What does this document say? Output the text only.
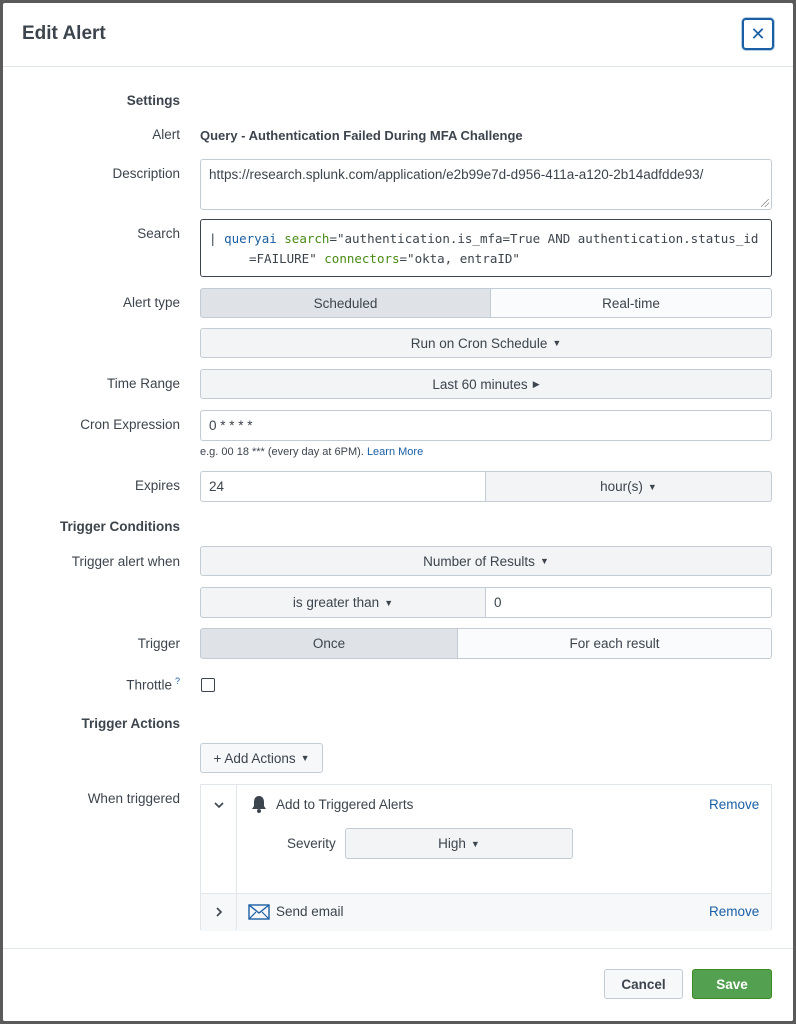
Edit Alert	✕
Settings
Alert Query - Authentication Failed During MFA Challenge
Description	https://research.splunk.com/application/e2b99e7d-d956-411a-a120-2b14adfdde93/
Search | queryai search="authentication.is_mfa=True AND authentication.status_id
=FAILURE" connectors="okta, entraID"
Alert type	Scheduled	Real-time
Run on Cron Schedule ▼
Time Range	Last 60 minutes ▶
Cron Expression 0 * * * *
e.g. 00 18 *** (every day at 6PM). Learn More
Expires 24	hour(s) ▼
Trigger Conditions
Trigger alert when	Number of Results ▼
is greater than ▼	0
Trigger	Once	For each result
Throttle ?
Trigger Actions
+ Add Actions ▼
When triggered	Add to Triggered Alerts	Remove
Severity	High ▼
Send email	Remove
Cancel	Save
